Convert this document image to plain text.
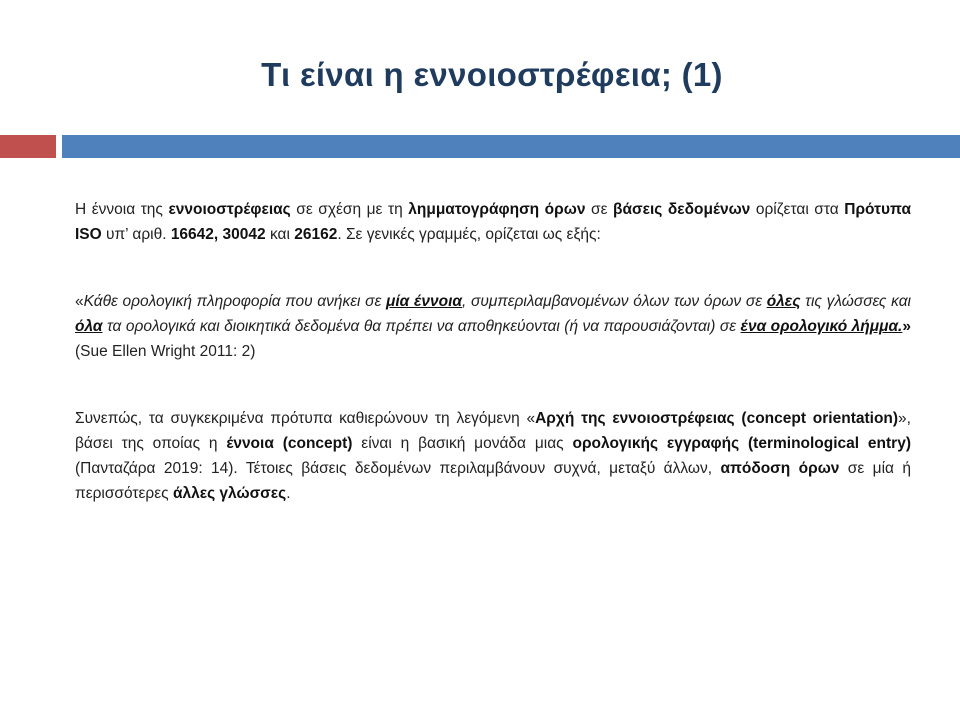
Τι είναι η εννοιοστρέφεια; (1)

Η έννοια της εννοιοστρέφειας σε σχέση με τη λημματογράφηση όρων σε βάσεις δεδομένων ορίζεται στα Πρότυπα ISO υπ’ αριθ. 16642, 30042 και 26162. Σε γενικές γραμμές, ορίζεται ως εξής:

«Κάθε ορολογική πληροφορία που ανήκει σε μία έννοια, συμπεριλαμβανομένων όλων των όρων σε όλες τις γλώσσες και όλα τα ορολογικά και διοικητικά δεδομένα θα πρέπει να αποθηκεύονται (ή να παρουσιάζονται) σε ένα ορολογικό λήμμα.» (Sue Ellen Wright 2011: 2)

Συνεπώς, τα συγκεκριμένα πρότυπα καθιερώνουν τη λεγόμενη «Αρχή της εννοιοστρέφειας (concept orientation)», βάσει της οποίας η έννοια (concept) είναι η βασική μονάδα μιας ορολογικής εγγραφής (terminological entry) (Πανταζάρα 2019: 14). Τέτοιες βάσεις δεδομένων περιλαμβάνουν συχνά, μεταξύ άλλων, απόδοση όρων σε μία ή περισσότερες άλλες γλώσσες.
